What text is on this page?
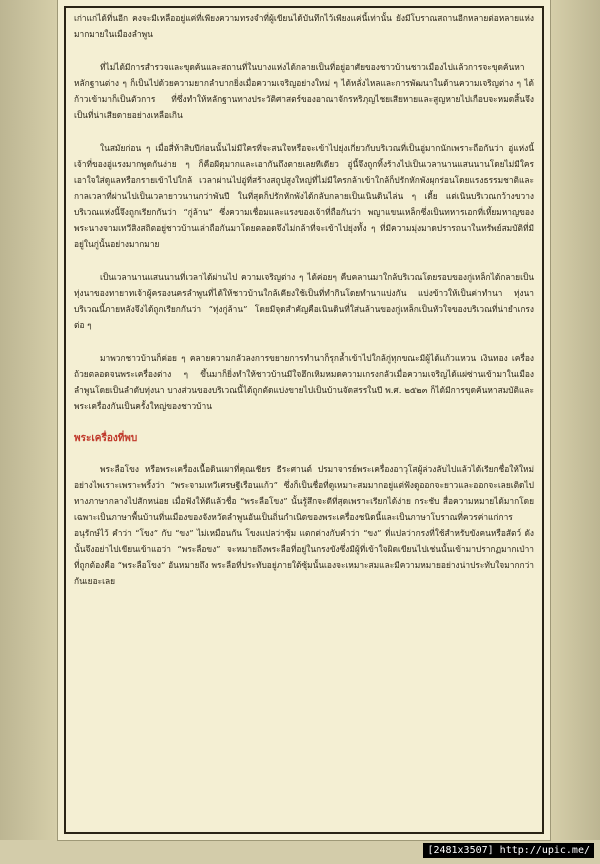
เก่าแก่ได้ที่นอีก คงจะมีเหลืออยู่แค่ที่เพียงความทรงจำที่ผู้เขียนได้บันทึกไว้เพียงแค่นี้เท่านั้น ยังมีโบราณสถานอีกหลายต่อหลายแห่งมากมายในเมืองลำพูน

ที่ไม่ได้มีการสำรวจและขุดค้นและสถานที่ในบางแห่งได้กลายเป็นที่อยู่อาศัยของชาวบ้านชาวเมืองไปแล้วการจะขุดค้นหาหลักฐานต่าง ๆ ก็เป็นไปด้วยความยากลำบากยิ่งเมื่อความเจริญอย่างใหม่ ๆ ได้หลั่งไหลและการพัฒนาในด้านความเจริญต่าง ๆ ได้ก้าวเข้ามาก็เป็นตัวการ ที่ซึ่งทำให้หลักฐานทางประวัติศาสตร์ของอาณาจักรหริภุญไชยเสียหายและสูญหายไปเกือบจะหมดสิ้นจึงเป็นที่น่าเสียดายอย่างเหลือเกิน

ในสมัยก่อน ๆ เมื่อสี่ห้าสิบปีก่อนนั้นไม่มีใครที่จะสนใจหรือจะเข้าไปยุ่งเกี่ยวกับบริเวณที่เป็นอู่มากนักเพราะถือกันว่า อู่แห่งนี้เจ้าที่ของอู่แรงมากพูดกันง่าย ๆ ก็คือผีดุมากและเอากันถึงตายเลยทีเดียว อู่นี้จึงถูกทิ้งร้างไปเป็นเวลานานแสนนานโดยไม่มีใครเอาใจใส่ดูแลหรือกรายเข้าไปใกล้ เวลาผ่านไปอู่ที่สร้างสถูปสูงใหญ่ที่ไม่มีใครกล้าเข้าใกล้ก็ปรักหักพังผุกร่อนโดยแรงธรรมชาติและกาลเวลาที่ผ่านไปเป็นเวลายาวนานกว่าพันปี ในที่สุดก็ปรักหักพังได้กลับกลายเป็นเนินดินไล่น ๆ เตี้ย แต่เนินบริเวณกว้างขวาง บริเวณแห่งนี้จึงถูกเรียกกันว่า “กู่ล้าน” ซึ่งความเชื่อมและแรงของเจ้าที่ถือกันว่า พญาแขนเหล็กซึ่งเป็นทหารเอกที่เหี้ยมหาญของพระนางจามเทวีสิงสถิตอยู่ชาวบ้านเล่าถือกันมาโดยตลอดจึงไม่กล้าที่จะเข้าไปยุ่งทั้ง ๆ ที่มีความมุ่งมาดปรารถนาในทรัพย์สมบัติที่มีอยู่ในกู่นั้นอย่างมากมาย

เป็นเวลานานแสนนานที่เวลาได้ผ่านไป ความเจริญต่าง ๆ ได้ค่อยๆ คืบคลานมาใกล้บริเวณโดยรอบของกู่เหล็กได้กลายเป็นทุ่งนาของทายาทเจ้าผู้ครองนครลำพูนที่ได้ให้ชาวบ้านใกล้เคียงใช้เป็นที่ทำกินโดยทำนาแบ่งกัน แบ่งข้าวให้เป็นค่าทำนา ทุ่งนาบริเวณนี้ภายหลังจึงได้ถูกเรียกกันว่า “ทุ่งกู่ล้าน” โดยมีจุดสำคัญคือเนินดินที่ใส่นล้านของกู่เหล็กเป็นหัวใจของบริเวณที่น่ายำเกรงต่อ ๆ

มาพวกชาวบ้านก็ค่อย ๆ คลายความกลัวลงการขยายการทำนาก็รุกล้ำเข้าไปใกล้กู่ทุกขณะมีผู้ได้แก้วแหวน เงินทอง เครื่องถ้วยตลอดจนพระเครื่องต่าง ๆ ขึ้นมาก็ยิ่งทำให้ชาวบ้านมีใจฮึกเหิมหมดความเกรงกลัวเมื่อความเจริญได้แผ่ซ่านเข้ามาในเมืองลำพูนโดยเป็นลำดับทุ่งนา บางส่วนของบริเวณนี้ได้ถูกตัดแบ่งขายไปเป็นบ้านจัดสรรในปี พ.ศ. ๒๕๒๓ ก็ได้มีการขุดค้นหาสมบัติและพระเครื่องกันเป็นครั้งใหญ่ของชาวบ้าน

พระเครื่องที่พบ

พระลือโขง หรือพระเครื่องเนื้อดินเผาที่คุณเชียร ธีระศานต์ ปรมาจารย์พระเครื่องอาวุโสผู้ล่วงลับไปแล้วได้เรียกชื่อให้ใหม่อย่างไพเราะเพราะพริ้งว่า “พระจามเทวีเศรษฐีเรือนแก้ว” ซึ่งก็เป็นชื่อที่ดูเหมาะสมมากอยู่แต่ฟังดูออกจะยาวและออกจะเลยเติดไปทางภาษากลางไปสักหน่อย เมื่อฟังให้ดีแล้วชื่อ “พระลือโขง” นั้นรู้สึกจะดีที่สุดเพราะเรียกได้ง่าย กระชับ สื่อความหมายได้มากโดยเฉพาะเป็นภาษาพื้นบ้านที่นเมืองของจังหวัดลำพูนอันเป็นถิ่นกำเนิดของพระเครื่องชนิดนี้และเป็นภาษาโบราณที่ควรค่าแก่การอนุรักษ์ไว้ คำว่า “โขง” กับ “ขง” ไม่เหมือนกัน โขงแปลว่าซุ้ม แตกต่างกับคำว่า “ขง” ที่แปลว่ากรงที่ใช้สำหรับขังคนหรือสัตว์ ดังนั้นจึงอย่าไปเขียนเข้าแอว่า “พระลือขง” จะหมายถึงพระลือที่อยู่ในกรงขังซึ่งมีผู้ที่เข้าใจผิดเขียนไปเช่นนั้นเข้ามาปรากฏมากเป่าา ที่ถูกต้องคือ “พระลือโขง” อันหมายถึง พระลือที่ประทับอยู่ภายใต้ซุ้มนั้นเองจะเหมาะสมและมีความหมายอย่างน่าประทับใจมากกว่ากันเยอะเลย

[2481x3507] http://upic.me/
